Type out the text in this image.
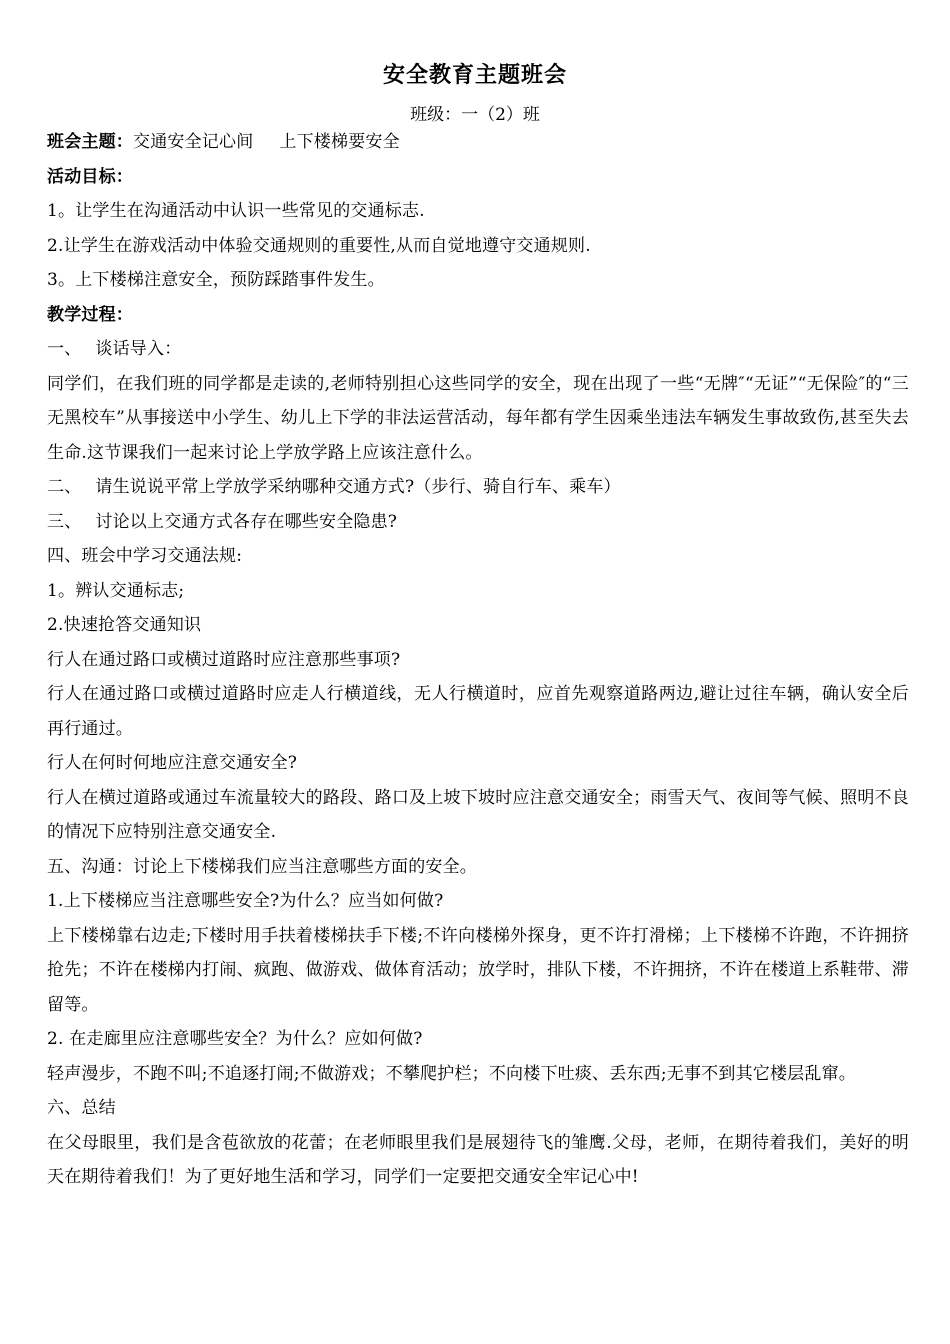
安全教育主题班会
班级：一（2）班
班会主题：交通安全记心间 上下楼梯要安全
活动目标：
1。让学生在沟通活动中认识一些常见的交通标志.
2.让学生在游戏活动中体验交通规则的重要性,从而自觉地遵守交通规则.
3。上下楼梯注意安全，预防踩踏事件发生。
教学过程：
一、 谈话导入：
同学们，在我们班的同学都是走读的,老师特别担心这些同学的安全，现在出现了一些“无牌″“无证”“无保险″的“三无黑校车”从事接送中小学生、幼儿上下学的非法运营活动，每年都有学生因乘坐违法车辆发生事故致伤,甚至失去生命.这节课我们一起来讨论上学放学路上应该注意什么。
二、 请生说说平常上学放学采纳哪种交通方式?（步行、骑自行车、乘车）
三、 讨论以上交通方式各存在哪些安全隐患?
四、班会中学习交通法规:
1。辨认交通标志;
2.快速抢答交通知识
行人在通过路口或横过道路时应注意那些事项?
行人在通过路口或横过道路时应走人行横道线，无人行横道时，应首先观察道路两边,避让过往车辆，确认安全后再行通过。
行人在何时何地应注意交通安全?
行人在横过道路或通过车流量较大的路段、路口及上坡下坡时应注意交通安全；雨雪天气、夜间等气候、照明不良的情况下应特别注意交通安全.
五、沟通：讨论上下楼梯我们应当注意哪些方面的安全。
1.上下楼梯应当注意哪些安全?为什么？应当如何做?
上下楼梯靠右边走;下楼时用手扶着楼梯扶手下楼;不许向楼梯外探身，更不许打滑梯；上下楼梯不许跑，不许拥挤抢先；不许在楼梯内打闹、疯跑、做游戏、做体育活动；放学时，排队下楼，不许拥挤，不许在楼道上系鞋带、滞留等。
2. 在走廊里应注意哪些安全？为什么？应如何做?
轻声漫步，不跑不叫;不追逐打闹;不做游戏；不攀爬护栏；不向楼下吐痰、丢东西;无事不到其它楼层乱窜。
六、总结
在父母眼里，我们是含苞欲放的花蕾；在老师眼里我们是展翅待飞的雏鹰.父母，老师，在期待着我们，美好的明天在期待着我们！为了更好地生活和学习，同学们一定要把交通安全牢记心中!
